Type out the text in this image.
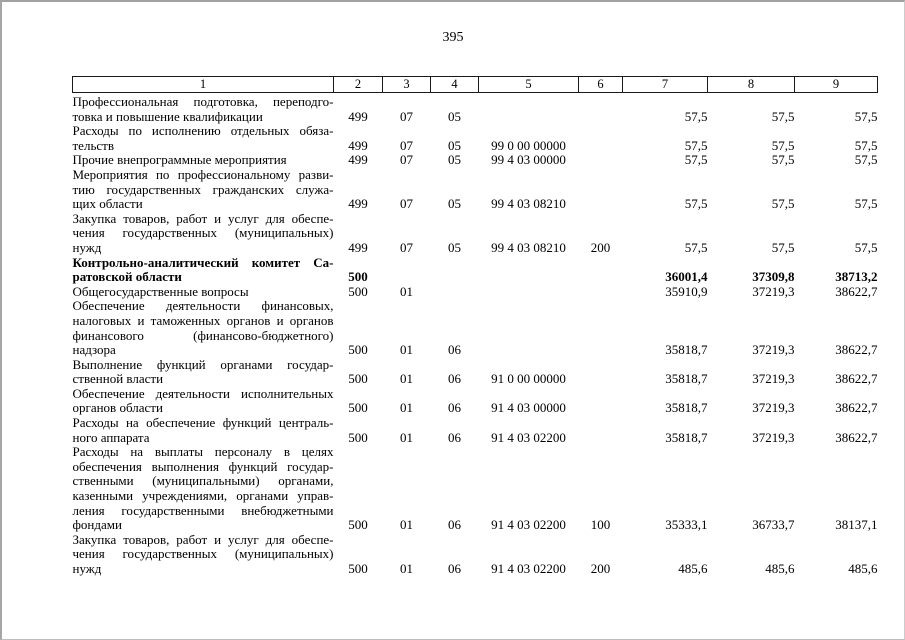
395
1	2	3	4	5	6	7	8	9

Профессиональная подготовка, переподго-
товка и повышение квалификации	499	07	05			57,5	57,5	57,5

Расходы по исполнению отдельных обяза-
тельств	499	07	05	99 0 00 00000		57,5	57,5	57,5

Прочие внепрограммные мероприятия	499	07	05	99 4 03 00000		57,5	57,5	57,5

Мероприятия по профессиональному разви-
тию государственных гражданских служа-
щих области	499	07	05	99 4 03 08210		57,5	57,5	57,5

Закупка товаров, работ и услуг для обеспе-
чения государственных (муниципальных)
нужд	499	07	05	99 4 03 08210	200	57,5	57,5	57,5

Контрольно-аналитический комитет Са-
ратовской области	500					36001,4	37309,8	38713,2

Общегосударственные вопросы	500	01				35910,9	37219,3	38622,7

Обеспечение деятельности финансовых,
налоговых и таможенных органов и органов
финансового (финансово-бюджетного)
надзора	500	01	06			35818,7	37219,3	38622,7

Выполнение функций органами государ-
ственной власти	500	01	06	91 0 00 00000		35818,7	37219,3	38622,7

Обеспечение деятельности исполнительных
органов области	500	01	06	91 4 03 00000		35818,7	37219,3	38622,7

Расходы на обеспечение функций централь-
ного аппарата	500	01	06	91 4 03 02200		35818,7	37219,3	38622,7

Расходы на выплаты персоналу в целях
обеспечения выполнения функций государ-
ственными (муниципальными) органами,
казенными учреждениями, органами управ-
ления государственными внебюджетными
фондами	500	01	06	91 4 03 02200	100	35333,1	36733,7	38137,1

Закупка товаров, работ и услуг для обеспе-
чения государственных (муниципальных)
нужд	500	01	06	91 4 03 02200	200	485,6	485,6	485,6
